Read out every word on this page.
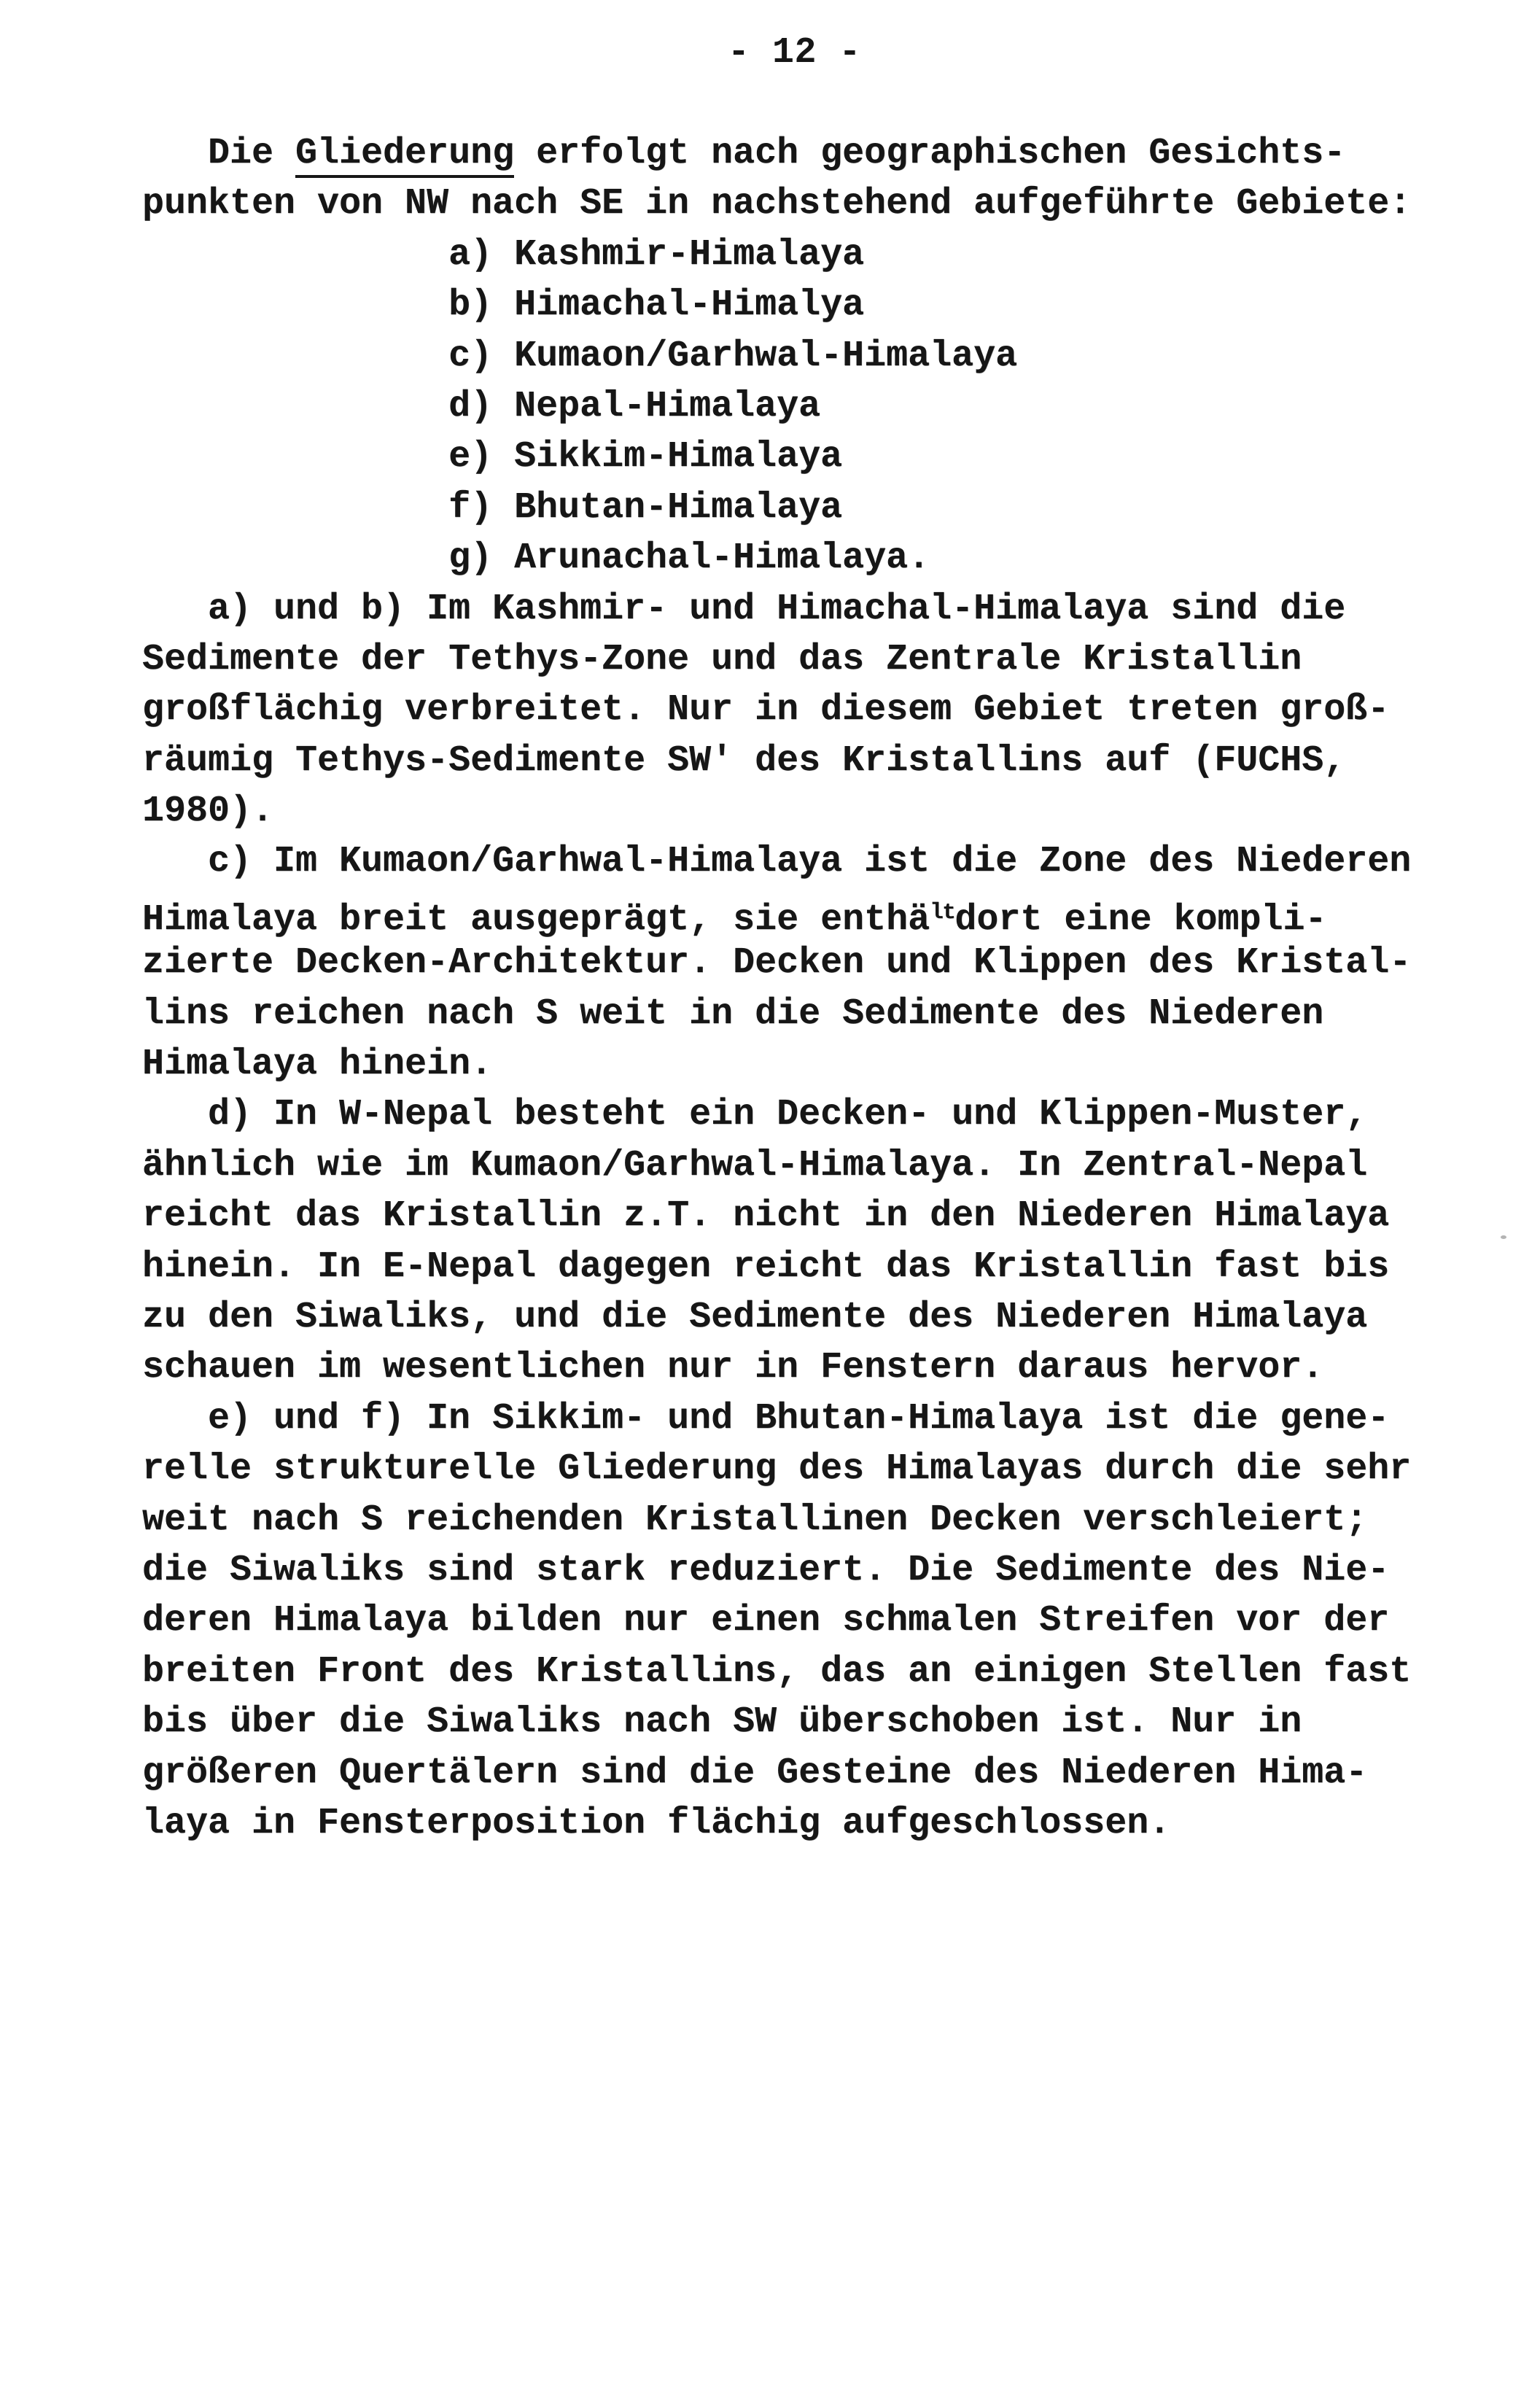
- 12 -
Die Gliederung erfolgt nach geographischen Gesichts-
punkten von NW nach SE in nachstehend aufgeführte Gebiete:
a) Kashmir-Himalaya
b) Himachal-Himalya
c) Kumaon/Garhwal-Himalaya
d) Nepal-Himalaya
e) Sikkim-Himalaya
f) Bhutan-Himalaya
g) Arunachal-Himalaya.
a) und b) Im Kashmir- und Himachal-Himalaya sind die
Sedimente der Tethys-Zone und das Zentrale Kristallin
großflächig verbreitet. Nur in diesem Gebiet treten groß-
räumig Tethys-Sedimente SW' des Kristallins auf (FUCHS,
1980).
c) Im Kumaon/Garhwal-Himalaya ist die Zone des Niederen
Himalaya breit ausgeprägt, sie enthä$^{lt}$dort eine kompli-
zierte Decken-Architektur. Decken und Klippen des Kristal-
lins reichen nach S weit in die Sedimente des Niederen
Himalaya hinein.
d) In W-Nepal besteht ein Decken- und Klippen-Muster,
ähnlich wie im Kumaon/Garhwal-Himalaya. In Zentral-Nepal
reicht das Kristallin z.T. nicht in den Niederen Himalaya
hinein. In E-Nepal dagegen reicht das Kristallin fast bis
zu den Siwaliks, und die Sedimente des Niederen Himalaya
schauen im wesentlichen nur in Fenstern daraus hervor.
e) und f) In Sikkim- und Bhutan-Himalaya ist die gene-
relle strukturelle Gliederung des Himalayas durch die sehr
weit nach S reichenden Kristallinen Decken verschleiert;
die Siwaliks sind stark reduziert. Die Sedimente des Nie-
deren Himalaya bilden nur einen schmalen Streifen vor der
breiten Front des Kristallins, das an einigen Stellen fast
bis über die Siwaliks nach SW überschoben ist. Nur in
größeren Quertälern sind die Gesteine des Niederen Hima-
laya in Fensterposition flächig aufgeschlossen.
